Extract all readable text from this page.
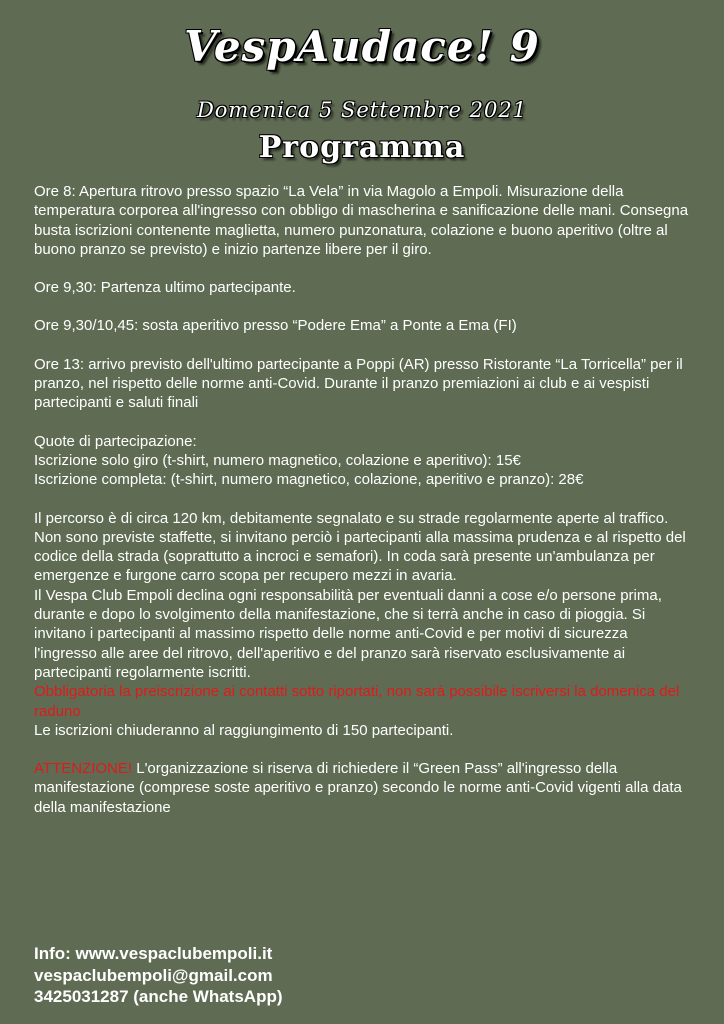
VespAudace! 9
Domenica 5 Settembre 2021
Programma

Ore 8: Apertura ritrovo presso spazio “La Vela” in via Magolo a Empoli. Misurazione della temperatura corporea all'ingresso con obbligo di mascherina e sanificazione delle mani. Consegna busta iscrizioni contenente maglietta, numero punzonatura, colazione e buono aperitivo (oltre al buono pranzo se previsto) e inizio partenze libere per il giro.

Ore 9,30: Partenza ultimo partecipante.

Ore 9,30/10,45: sosta aperitivo presso “Podere Ema” a Ponte a Ema (FI)

Ore 13: arrivo previsto dell'ultimo partecipante a Poppi (AR) presso Ristorante “La Torricella” per il pranzo, nel rispetto delle norme anti-Covid. Durante il pranzo premiazioni ai club e ai vespisti partecipanti e saluti finali

Quote di partecipazione:

Iscrizione solo giro (t-shirt, numero magnetico, colazione e aperitivo): 15€

Iscrizione completa: (t-shirt, numero magnetico, colazione, aperitivo e pranzo): 28€

Il percorso è di circa 120 km, debitamente segnalato e su strade regolarmente aperte al traffico. Non sono previste staffette, si invitano perciò i partecipanti alla massima prudenza e al rispetto del codice della strada (soprattutto a incroci e semafori). In coda sarà presente un'ambulanza per emergenze e furgone carro scopa per recupero mezzi in avaria.

Il Vespa Club Empoli declina ogni responsabilità per eventuali danni a cose e/o persone prima, durante e dopo lo svolgimento della manifestazione, che si terrà anche in caso di pioggia. Si invitano i partecipanti al massimo rispetto delle norme anti-Covid e per motivi di sicurezza l'ingresso alle aree del ritrovo, dell'aperitivo e del pranzo sarà riservato esclusivamente ai partecipanti regolarmente iscritti.

Obbligatoria la preiscrizione ai contatti sotto riportati, non sarà possibile iscriversi la domenica del raduno

Le iscrizioni chiuderanno al raggiungimento di 150 partecipanti.

ATTENZIONE! L'organizzazione si riserva di richiedere il “Green Pass” all'ingresso della manifestazione (comprese soste aperitivo e pranzo) secondo le norme anti-Covid vigenti alla data della manifestazione

Info: www.vespaclubempoli.it

vespaclubempoli@gmail.com

3425031287 (anche WhatsApp)
